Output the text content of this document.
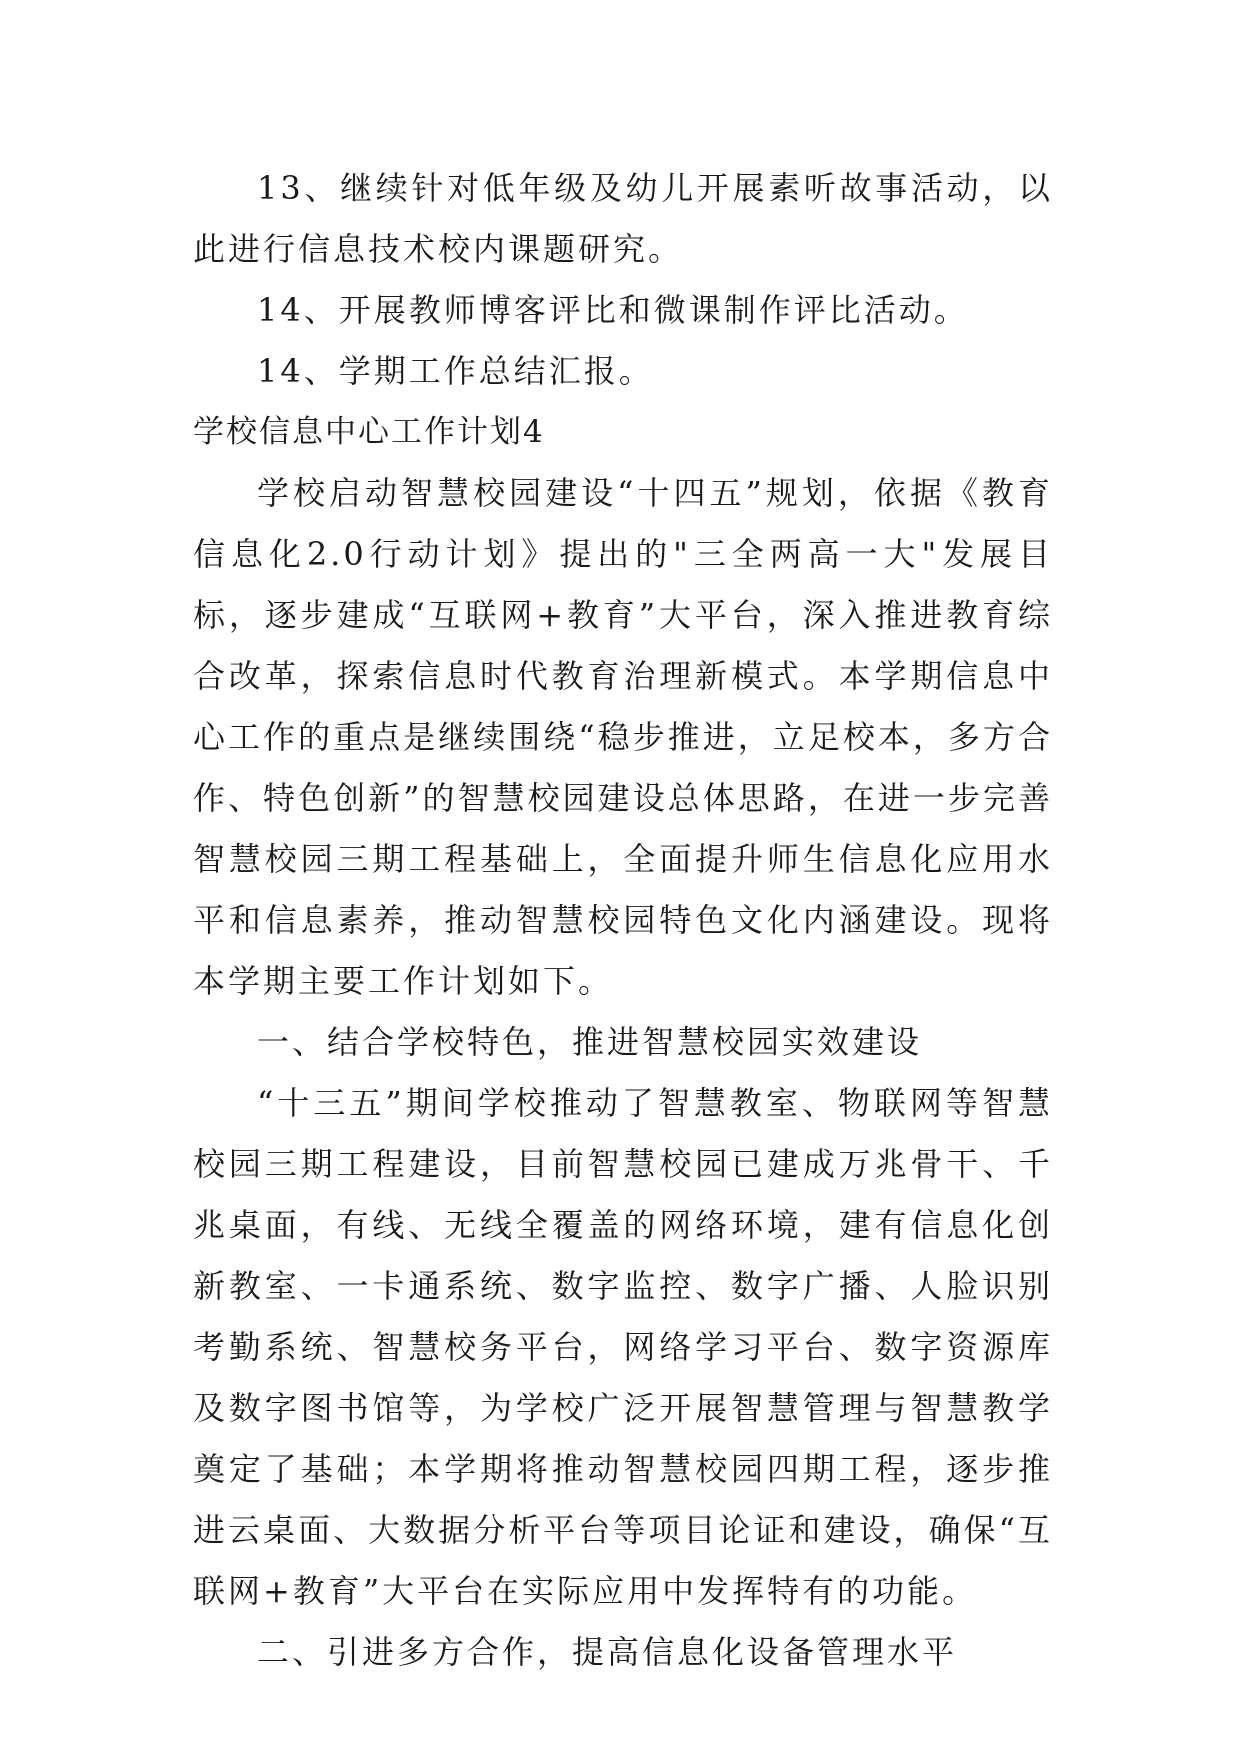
13、继续针对低年级及幼儿开展素听故事活动，以此进行信息技术校内课题研究。

14、开展教师博客评比和微课制作评比活动。

14、学期工作总结汇报。

学校信息中心工作计划4

学校启动智慧校园建设“十四五”规划，依据《教育信息化2.0行动计划》提出的"三全两高一大"发展目标，逐步建成“互联网+教育”大平台，深入推进教育综合改革，探索信息时代教育治理新模式。本学期信息中心工作的重点是继续围绕“稳步推进，立足校本，多方合作、特色创新”的智慧校园建设总体思路，在进一步完善智慧校园三期工程基础上，全面提升师生信息化应用水平和信息素养，推动智慧校园特色文化内涵建设。现将本学期主要工作计划如下。

一、结合学校特色，推进智慧校园实效建设

“十三五”期间学校推动了智慧教室、物联网等智慧校园三期工程建设，目前智慧校园已建成万兆骨干、千兆桌面，有线、无线全覆盖的网络环境，建有信息化创新教室、一卡通系统、数字监控、数字广播、人脸识别考勤系统、智慧校务平台，网络学习平台、数字资源库及数字图书馆等，为学校广泛开展智慧管理与智慧教学奠定了基础；本学期将推动智慧校园四期工程，逐步推进云桌面、大数据分析平台等项目论证和建设，确保“互联网+教育”大平台在实际应用中发挥特有的功能。

二、引进多方合作，提高信息化设备管理水平
